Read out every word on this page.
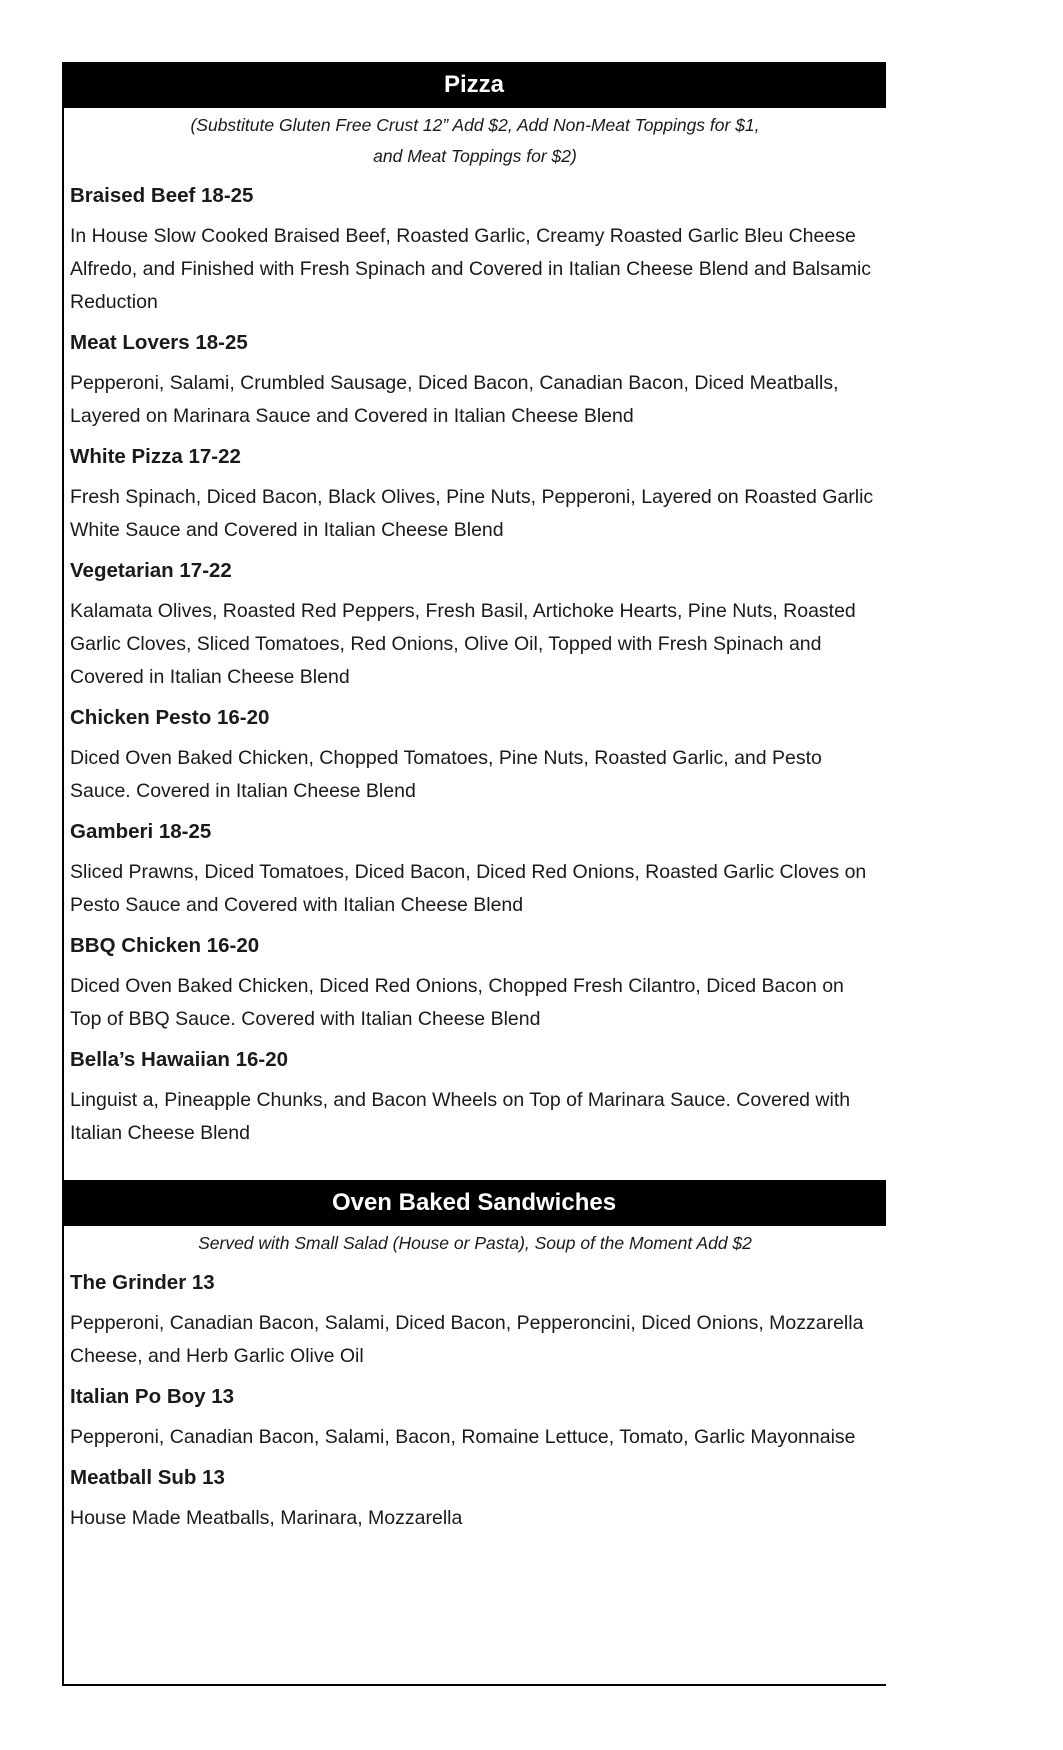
Pizza
(Substitute Gluten Free Crust 12” Add $2, Add Non-Meat Toppings for $1,
and Meat Toppings for $2)
Braised Beef 18-25

In House Slow Cooked Braised Beef, Roasted Garlic, Creamy Roasted Garlic Bleu Cheese Alfredo, and Finished with Fresh Spinach and Covered in Italian Cheese Blend and Balsamic Reduction

Meat Lovers 18-25

Pepperoni, Salami, Crumbled Sausage, Diced Bacon, Canadian Bacon, Diced Meatballs, Layered on Marinara Sauce and Covered in Italian Cheese Blend

White Pizza 17-22

Fresh Spinach, Diced Bacon, Black Olives, Pine Nuts, Pepperoni, Layered on Roasted Garlic White Sauce and Covered in Italian Cheese Blend

Vegetarian 17-22

Kalamata Olives, Roasted Red Peppers, Fresh Basil, Artichoke Hearts, Pine Nuts, Roasted Garlic Cloves, Sliced Tomatoes, Red Onions, Olive Oil, Topped with Fresh Spinach and Covered in Italian Cheese Blend

Chicken Pesto 16-20

Diced Oven Baked Chicken, Chopped Tomatoes, Pine Nuts, Roasted Garlic, and Pesto Sauce. Covered in Italian Cheese Blend

Gamberi 18-25

Sliced Prawns, Diced Tomatoes, Diced Bacon, Diced Red Onions, Roasted Garlic Cloves on Pesto Sauce and Covered with Italian Cheese Blend

BBQ Chicken 16-20

Diced Oven Baked Chicken, Diced Red Onions, Chopped Fresh Cilantro, Diced Bacon on Top of BBQ Sauce. Covered with Italian Cheese Blend

Bella’s Hawaiian 16-20

Linguist a, Pineapple Chunks, and Bacon Wheels on Top of Marinara Sauce. Covered with Italian Cheese Blend

Oven Baked Sandwiches
Served with Small Salad (House or Pasta), Soup of the Moment Add $2
The Grinder 13

Pepperoni, Canadian Bacon, Salami, Diced Bacon, Pepperoncini, Diced Onions, Mozzarella Cheese, and Herb Garlic Olive Oil

Italian Po Boy 13

Pepperoni, Canadian Bacon, Salami, Bacon, Romaine Lettuce, Tomato, Garlic Mayonnaise

Meatball Sub 13

House Made Meatballs, Marinara, Mozzarella
